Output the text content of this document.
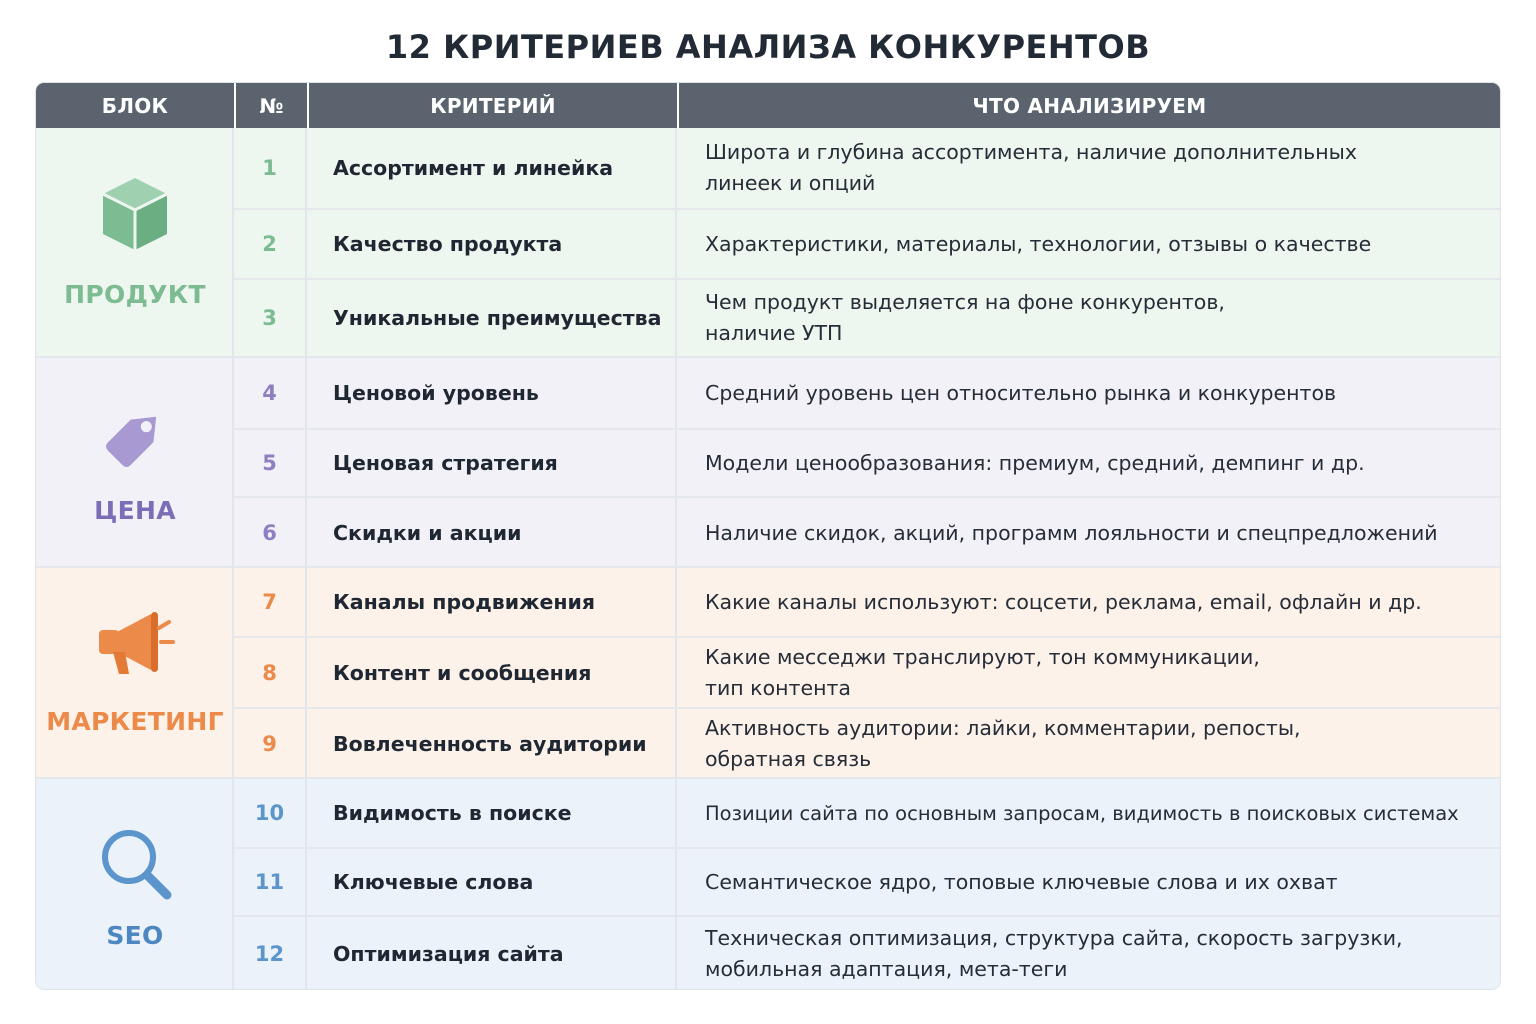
12 КРИТЕРИЕВ АНАЛИЗА КОНКУРЕНТОВ
БЛОК	№	КРИТЕРИЙ	ЧТО АНАЛИЗИРУЕМ
ПРОДУКТ
1	Ассортимент и линейка
Широта и глубина ассортимента, наличие дополнительных
линеек и опций
2	Качество продукта	Характеристики, материалы, технологии, отзывы о качестве
3	Уникальные преимущества
Чем продукт выделяется на фоне конкурентов,
наличие УТП
ЦЕНА
4	Ценовой уровень	Средний уровень цен относительно рынка и конкурентов
5	Ценовая стратегия	Модели ценообразования: премиум, средний, демпинг и др.
6	Скидки и акции	Наличие скидок, акций, программ лояльности и спецпредложений
МАРКЕТИНГ
7	Каналы продвижения	Какие каналы используют: соцсети, реклама, email, офлайн и др.
8	Контент и сообщения
Какие месседжи транслируют, тон коммуникации,
тип контента
9	Вовлеченность аудитории
Активность аудитории: лайки, комментарии, репосты,
обратная связь
SEO
10	Видимость в поиске	Позиции сайта по основным запросам, видимость в поисковых системах
11	Ключевые слова	Семантическое ядро, топовые ключевые слова и их охват
12	Оптимизация сайта
Техническая оптимизация, структура сайта, скорость загрузки,
мобильная адаптация, мета-теги
